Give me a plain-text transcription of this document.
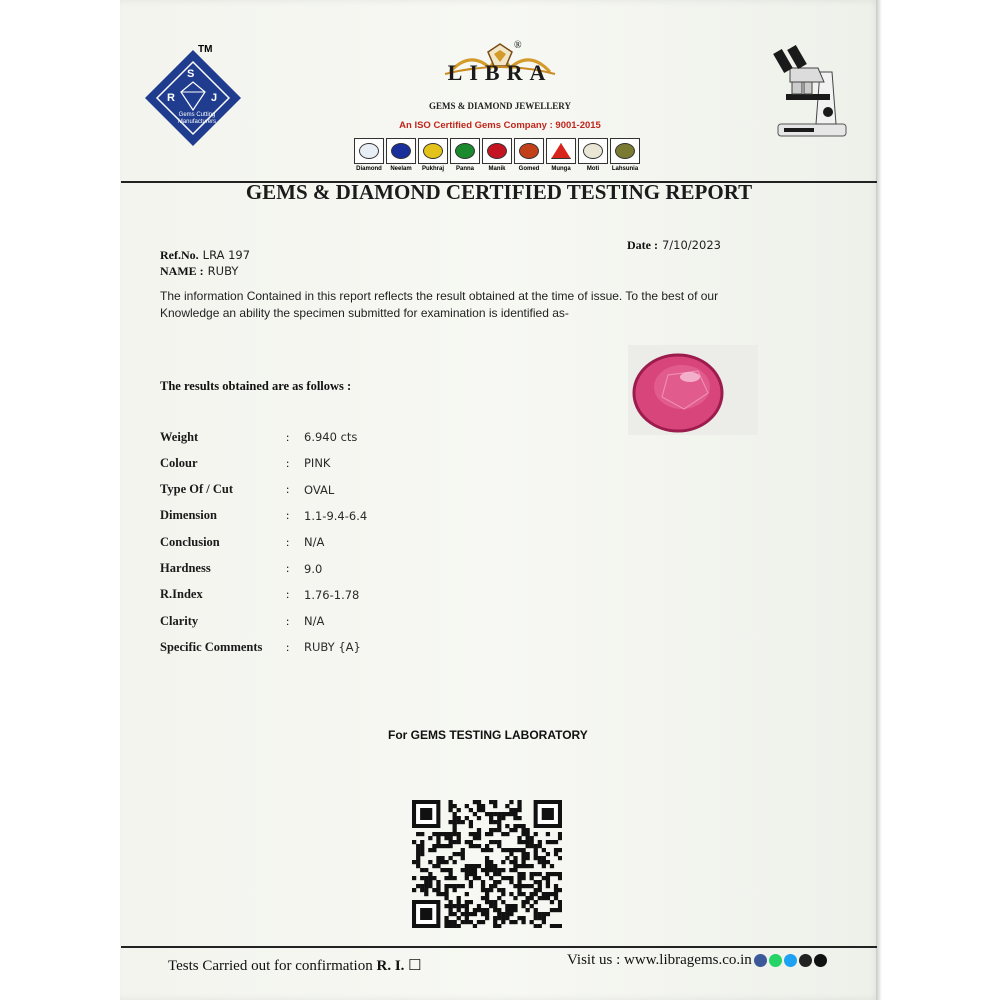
S
R	J
Gems Cutting
Manufacturers
TM	®
LIBRA
GEMS & DIAMOND JEWELLERY
An ISO Certified Gems Company : 9001-2015
Diamond Neelam Pukhraj Panna Manik Gomed Munga	Moti Lahsunia
GEMS & DIAMOND CERTIFIED TESTING REPORT
Ref.No. LRA 197
NAME : RUBY
Date : 7/10/2023
The information Contained in this report reflects the result obtained at the time of issue. To the best of our
Knowledge an ability the specimen submitted for examination is identified as-
The results obtained are as follows :
Weight	:	6.940 cts
Colour	:	PINK
Type Of / Cut	:	OVAL
Dimension	:	1.1-9.4-6.4
Conclusion	:	N/A
Hardness	:	9.0
R.Index	:	1.76-1.78
Clarity	:	N/A
Specific Comments	:	RUBY {A}
For GEMS TESTING LABORATORY
Tests Carried out for confirmation R. I. ☐	Visit us : www.libragems.co.in
